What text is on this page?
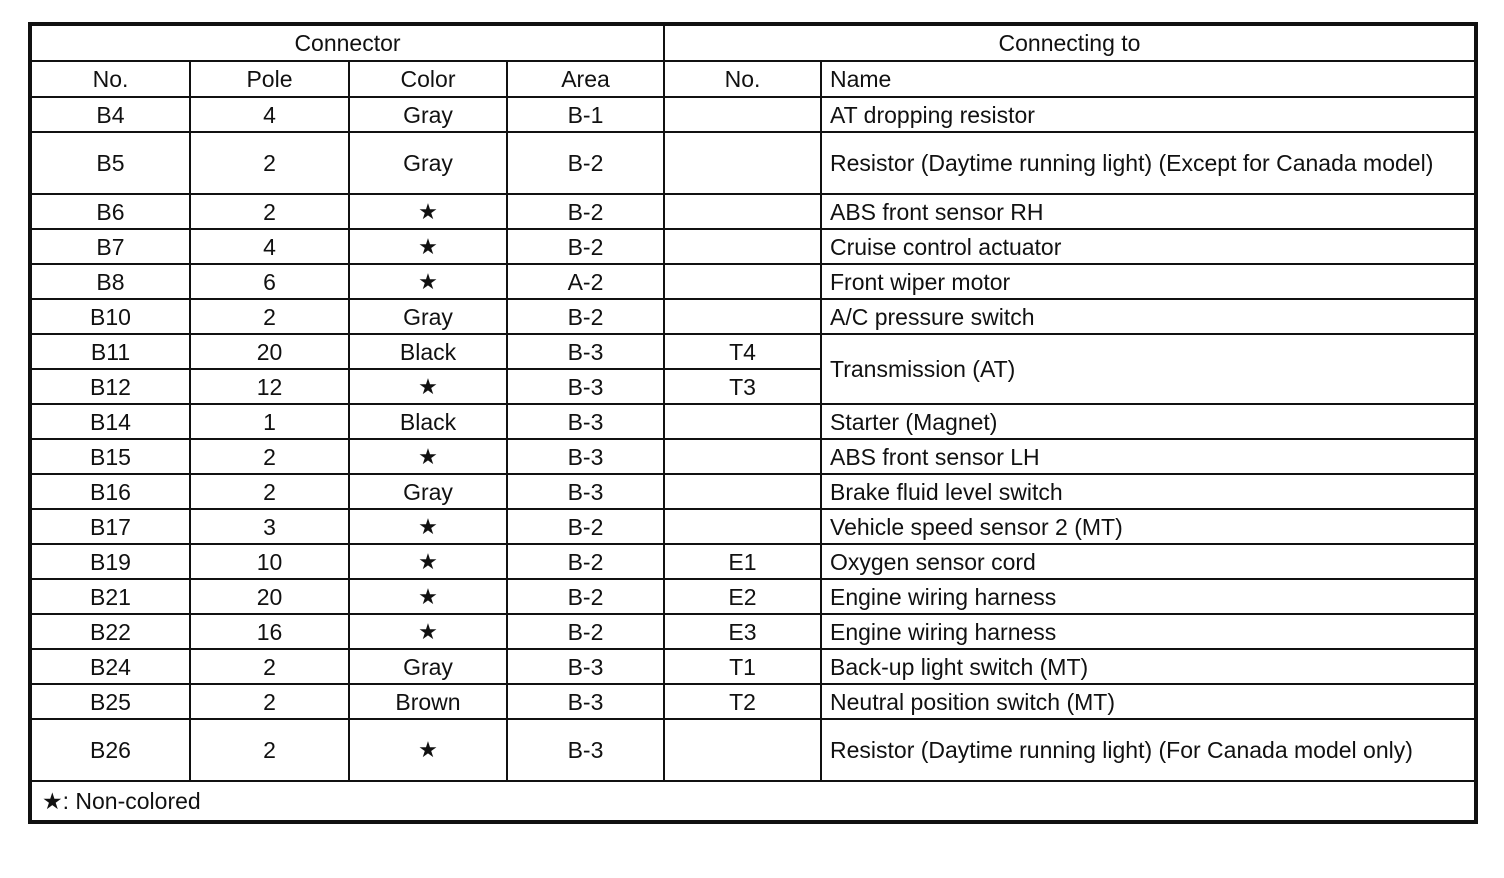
Connector				Connecting to	
No.	Pole	Color	Area	No.	Name
B4	4	Gray	B-1		AT dropping resistor
B5	2	Gray	B-2		Resistor (Daytime running light) (Except for Canada model)
B6	2	★	B-2		ABS front sensor RH
B7	4	★	B-2		Cruise control actuator
B8	6	★	A-2		Front wiper motor
B10	2	Gray	B-2		A/C pressure switch
B11	20	Black	B-3	T4	Transmission (AT)
B12	12	★	B-3	T3	
B14	1	Black	B-3		Starter (Magnet)
B15	2	★	B-3		ABS front sensor LH
B16	2	Gray	B-3		Brake fluid level switch
B17	3	★	B-2		Vehicle speed sensor 2 (MT)
B19	10	★	B-2	E1	Oxygen sensor cord
B21	20	★	B-2	E2	Engine wiring harness
B22	16	★	B-2	E3	Engine wiring harness
B24	2	Gray	B-3	T1	Back-up light switch (MT)
B25	2	Brown	B-3	T2	Neutral position switch (MT)
B26	2	★	B-3		Resistor (Daytime running light) (For Canada model only)
★: Non-colored					
